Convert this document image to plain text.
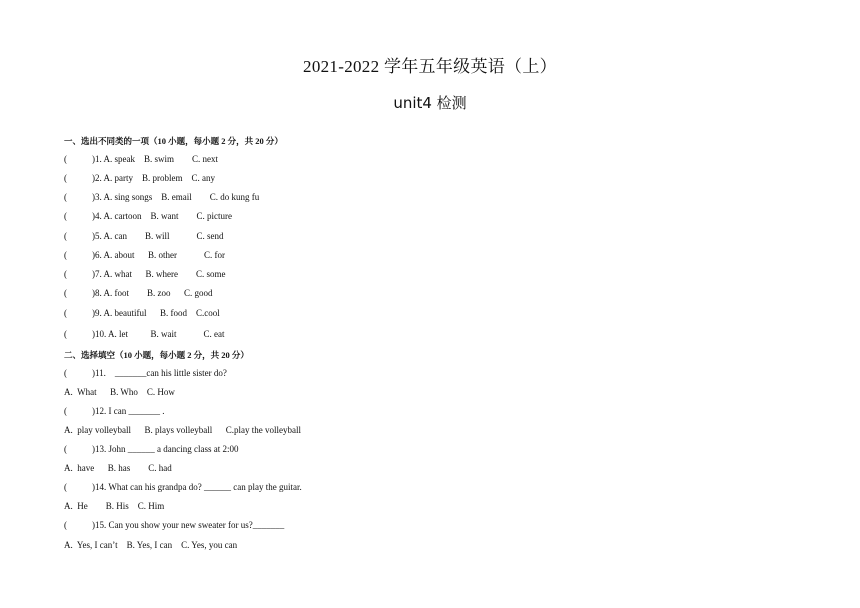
2021-2022 学年五年级英语（上）
unit4 检测
一、选出不同类的一项（10 小题，每小题 2 分，共 20 分）
(	)1. A. speak    B. swim        C. next
(	)2. A. party    B. problem    C. any
(	)3. A. sing songs    B. email        C. do kung fu
(	)4. A. cartoon    B. want        C. picture
(	)5. A. can        B. will            C. send
(	)6. A. about      B. other            C. for
(	)7. A. what      B. where        C. some
(	)8. A. foot        B. zoo      C. good
(	)9. A. beautiful      B. food    C.cool
(	)10. A. let          B. wait            C. eat
二、选择填空（10 小题，每小题 2 分，共 20 分）
(	)11.    _______can his little sister do?
A.  What      B. Who    C. How
(	)12. I can _______ .
A.  play volleyball      B. plays volleyball      C.play the volleyball
(	)13. John ______ a dancing class at 2:00
A.  have      B. has        C. had
(	)14. What can his grandpa do? ______ can play the guitar.
A.  He        B. His    C. Him
(	)15. Can you show your new sweater for us?_______
A.  Yes, I can’t    B. Yes, I can    C. Yes, you can
